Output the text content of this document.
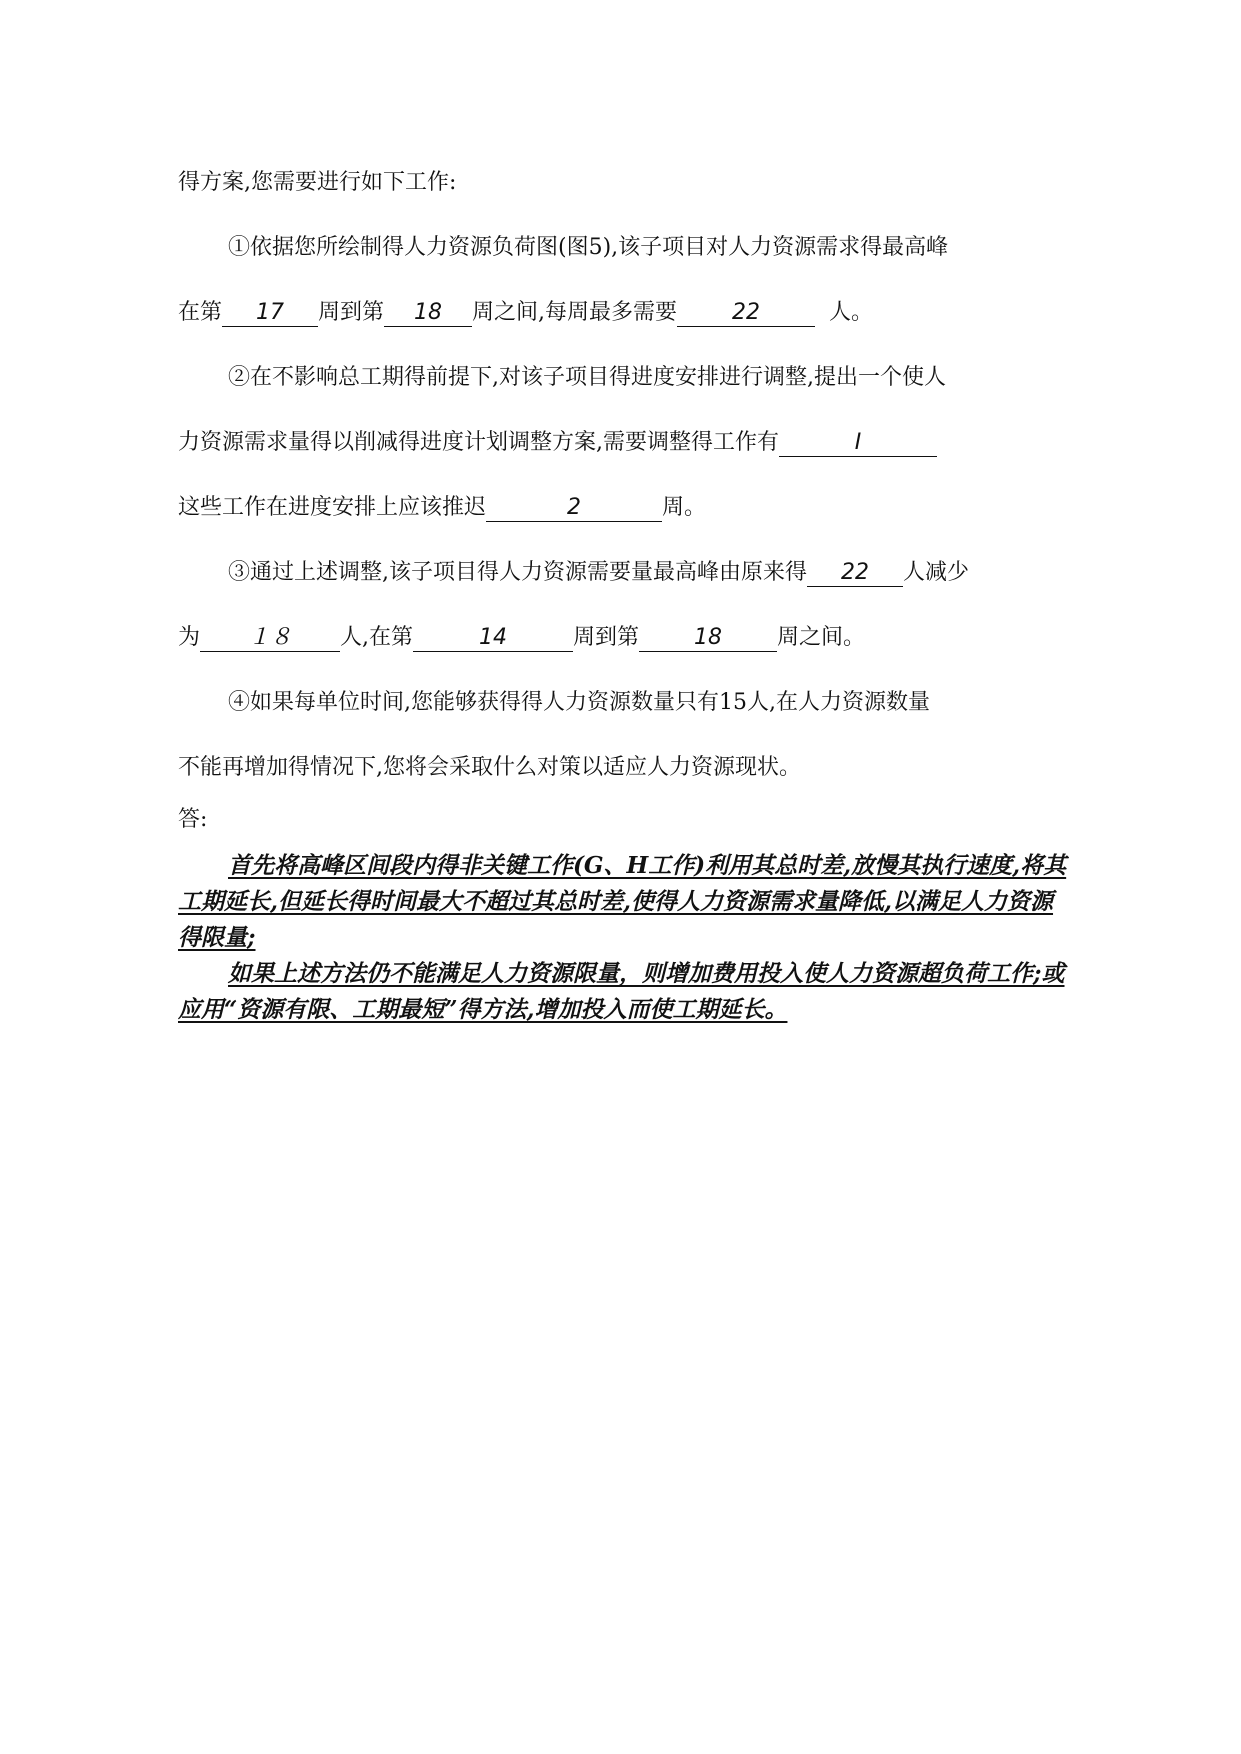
得方案,您需要进行如下工作:
①依据您所绘制得人力资源负荷图(图5),该子项目对人力资源需求得最高峰
在第 17 周到第 18 周之间,每周最多需要	22	人。
②在不影响总工期得前提下,对该子项目得进度安排进行调整,提出一个使人
力资源需求量得以削减得进度计划调整方案,需要调整得工作有	I
这些工作在进度安排上应该推迟	2	周。
③通过上述调整,该子项目得人力资源需要量最高峰由原来得 22 人减少
为 １８ 人,在第	14	周到第	18	周之间。
④如果每单位时间,您能够获得得人力资源数量只有15人,在人力资源数量
不能再增加得情况下,您将会采取什么对策以适应人力资源现状。
答:

首先将高峰区间段内得非关键工作(G、H工作)利用其总时差,放慢其执行速度,将其工期延长,但延长得时间最大不超过其总时差,使得人力资源需求量降低,以满足人力资源得限量;

如果上述方法仍不能满足人力资源限量，则增加费用投入使人力资源超负荷工作;或应用“资源有限、工期最短”得方法,增加投入而使工期延长。
